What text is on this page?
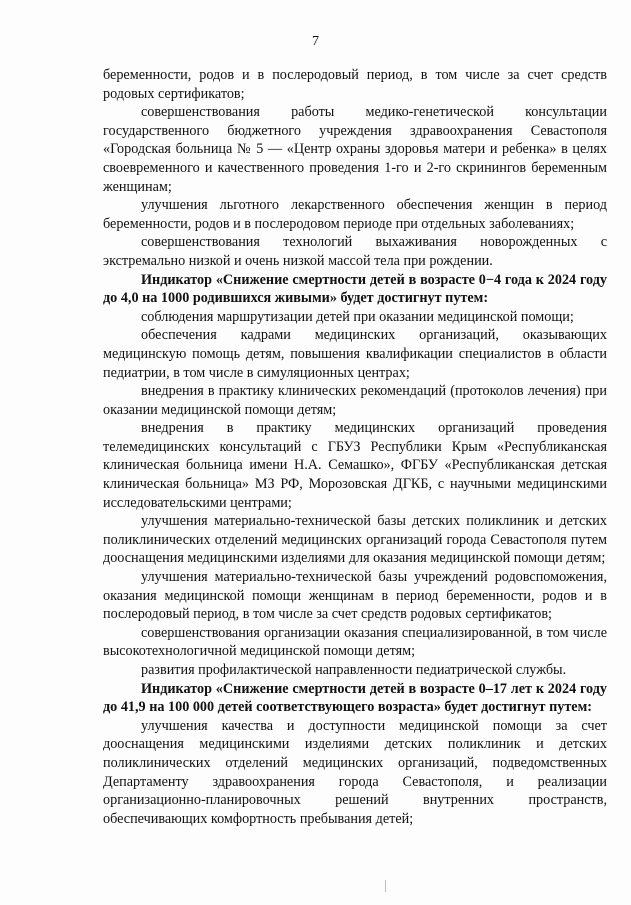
7

беременности, родов и в послеродовый период, в том числе за счет средств родовых сертификатов;

совершенствования работы медико-генетической консультации государственного бюджетного учреждения здравоохранения Севастополя «Городская больница № 5 — «Центр охраны здоровья матери и ребенка» в целях своевременного и качественного проведения 1-го и 2-го скринингов беременным женщинам;

улучшения льготного лекарственного обеспечения женщин в период беременности, родов и в послеродовом периоде при отдельных заболеваниях;

совершенствования технологий выхаживания новорожденных с экстремально низкой и очень низкой массой тела при рождении.

Индикатор «Снижение смертности детей в возрасте 0−4 года к 2024 году до 4,0 на 1000 родившихся живыми» будет достигнут путем:

соблюдения маршрутизации детей при оказании медицинской помощи;

обеспечения кадрами медицинских организаций, оказывающих медицинскую помощь детям, повышения квалификации специалистов в области педиатрии, в том числе в симуляционных центрах;

внедрения в практику клинических рекомендаций (протоколов лечения) при оказании медицинской помощи детям;

внедрения в практику медицинских организаций проведения телемедицинских консультаций с ГБУЗ Республики Крым «Республиканская клиническая больница имени Н.А. Семашко», ФГБУ «Республиканская детская клиническая больница» МЗ РФ, Морозовская ДГКБ, с научными медицинскими исследовательскими центрами;

улучшения материально-технической базы детских поликлиник и детских поликлинических отделений медицинских организаций города Севастополя путем дооснащения медицинскими изделиями для оказания медицинской помощи детям;

улучшения материально-технической базы учреждений родовспоможения, оказания медицинской помощи женщинам в период беременности, родов и в послеродовый период, в том числе за счет средств родовых сертификатов;

совершенствования организации оказания специализированной, в том числе высокотехнологичной медицинской помощи детям;

развития профилактической направленности педиатрической службы.

Индикатор «Снижение смертности детей в возрасте 0–17 лет к 2024 году до 41,9 на 100 000 детей соответствующего возраста» будет достигнут путем:

улучшения качества и доступности медицинской помощи за счет дооснащения медицинскими изделиями детских поликлиник и детских поликлинических отделений медицинских организаций, подведомственных Департаменту здравоохранения города Севастополя, и реализации организационно-планировочных решений внутренних пространств, обеспечивающих комфортность пребывания детей;
